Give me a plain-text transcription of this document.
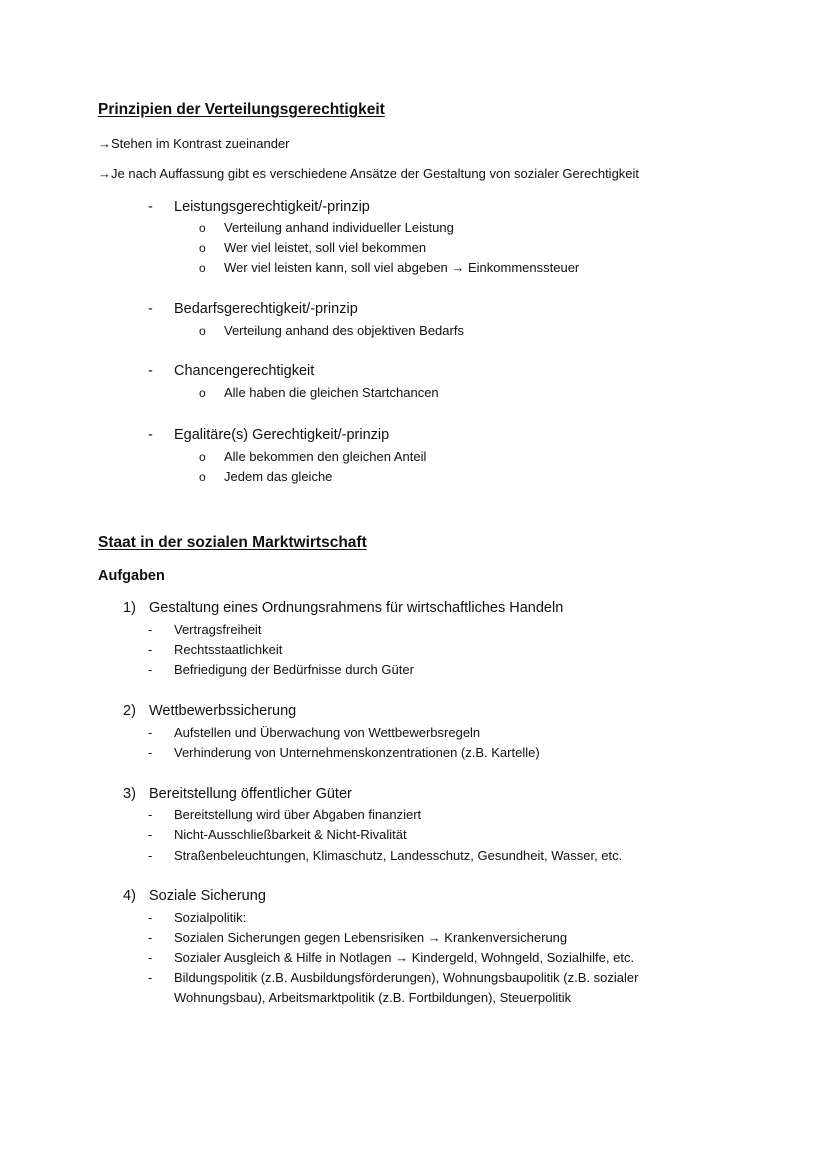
Prinzipien der Verteilungsgerechtigkeit
→Stehen im Kontrast zueinander
→Je nach Auffassung gibt es verschiedene Ansätze der Gestaltung von sozialer Gerechtigkeit
- Leistungsgerechtigkeit/-prinzip
o Verteilung anhand individueller Leistung
o Wer viel leistet, soll viel bekommen
o Wer viel leisten kann, soll viel abgeben → Einkommenssteuer
- Bedarfsgerechtigkeit/-prinzip
o Verteilung anhand des objektiven Bedarfs
- Chancengerechtigkeit
o Alle haben die gleichen Startchancen
- Egalitäre(s) Gerechtigkeit/-prinzip
o Alle bekommen den gleichen Anteil
o Jedem das gleiche
Staat in der sozialen Marktwirtschaft
Aufgaben
1) Gestaltung eines Ordnungsrahmens für wirtschaftliches Handeln
- Vertragsfreiheit
- Rechtsstaatlichkeit
- Befriedigung der Bedürfnisse durch Güter
2) Wettbewerbssicherung
- Aufstellen und Überwachung von Wettbewerbsregeln
- Verhinderung von Unternehmenskonzentrationen (z.B. Kartelle)
3) Bereitstellung öffentlicher Güter
- Bereitstellung wird über Abgaben finanziert
- Nicht-Ausschließbarkeit & Nicht-Rivalität
- Straßenbeleuchtungen, Klimaschutz, Landesschutz, Gesundheit, Wasser, etc.
4) Soziale Sicherung
- Sozialpolitik:
- Sozialen Sicherungen gegen Lebensrisiken → Krankenversicherung
- Sozialer Ausgleich & Hilfe in Notlagen → Kindergeld, Wohngeld, Sozialhilfe, etc.
- Bildungspolitik (z.B. Ausbildungsförderungen), Wohnungsbaupolitik (z.B. sozialer
Wohnungsbau), Arbeitsmarktpolitik (z.B. Fortbildungen), Steuerpolitik
